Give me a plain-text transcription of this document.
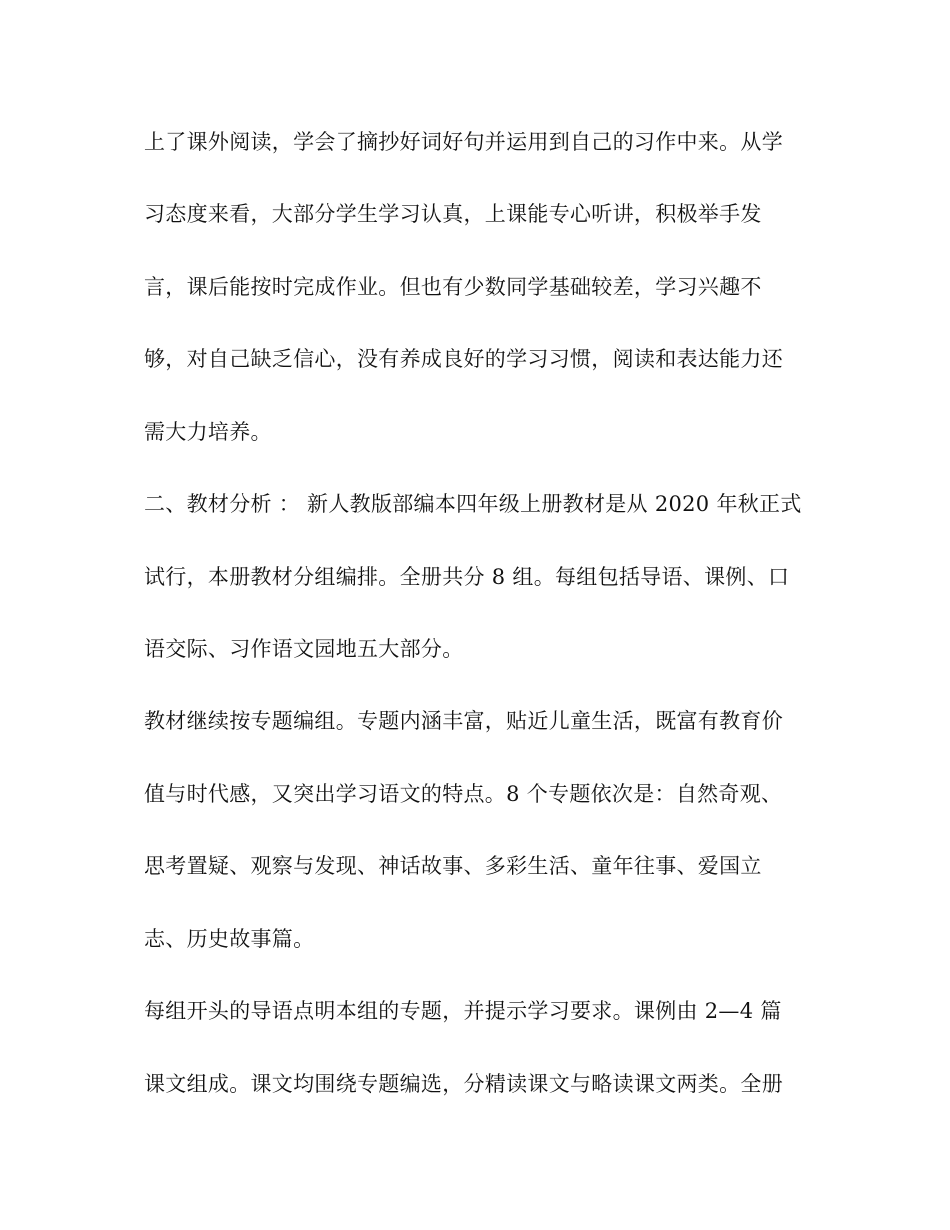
上了课外阅读，学会了摘抄好词好句并运用到自己的习作中来。从学
习态度来看，大部分学生学习认真，上课能专心听讲，积极举手发
言，课后能按时完成作业。但也有少数同学基础较差，学习兴趣不
够，对自己缺乏信心，没有养成良好的学习习惯，阅读和表达能力还
需大力培养。
二、教材分析 ： 新人教版部编本四年级上册教材是从 2020 年秋正式
试行，本册教材分组编排。全册共分 8 组。每组包括导语、课例、口
语交际、习作语文园地五大部分。
教材继续按专题编组。专题内涵丰富，贴近儿童生活，既富有教育价
值与时代感，又突出学习语文的特点。8 个专题依次是：自然奇观、
思考置疑、观察与发现、神话故事、多彩生活、童年往事、爱国立
志、历史故事篇。
每组开头的导语点明本组的专题，并提示学习要求。课例由 2—4 篇
课文组成。课文均围绕专题编选，分精读课文与略读课文两类。全册
